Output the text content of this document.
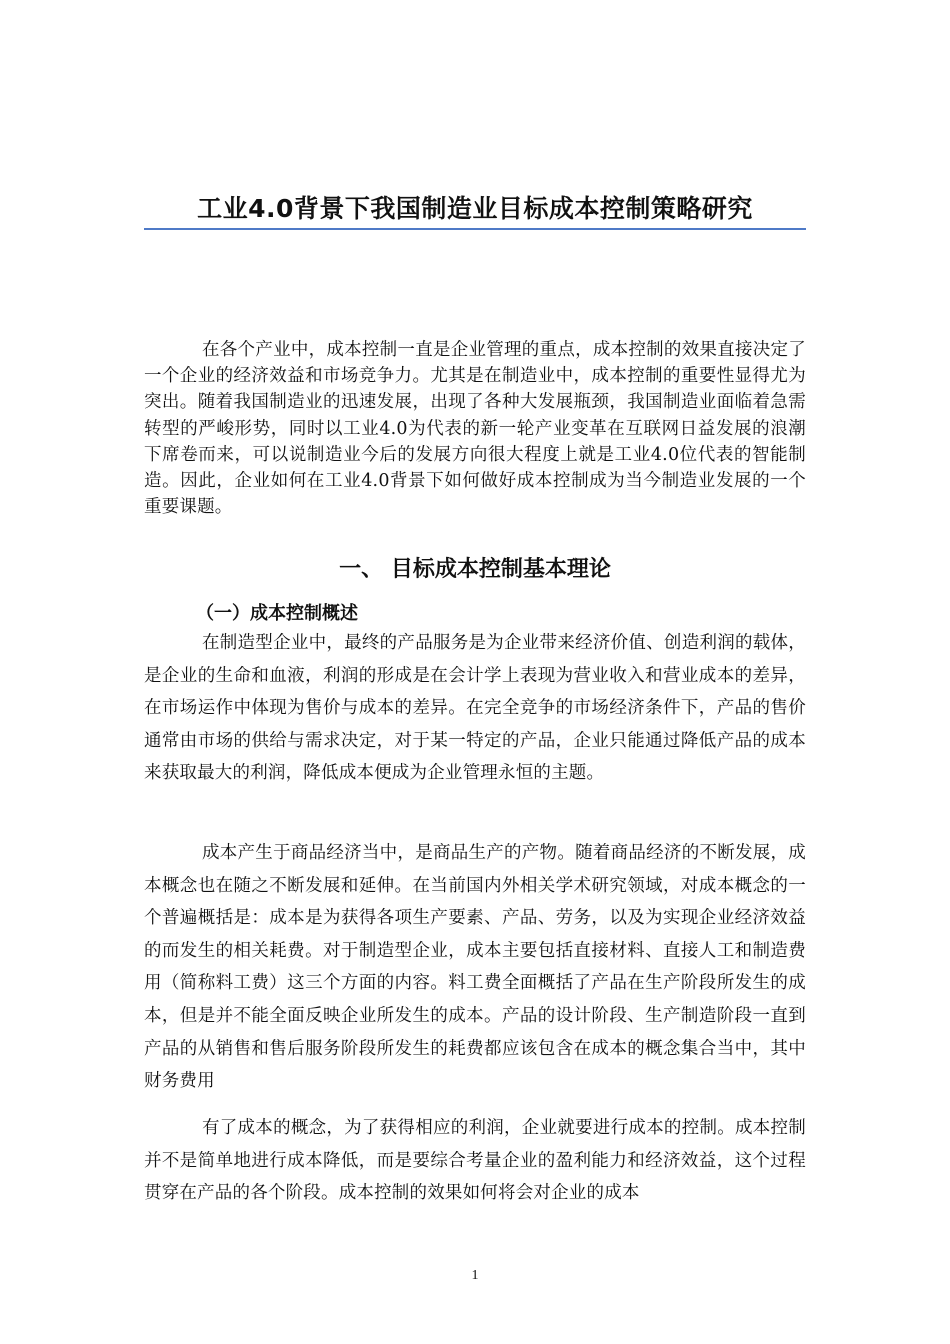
工业4.0背景下我国制造业目标成本控制策略研究
在各个产业中，成本控制一直是企业管理的重点，成本控制的效果直接决定了一个企业的经济效益和市场竞争力。尤其是在制造业中，成本控制的重要性显得尤为突出。随着我国制造业的迅速发展，出现了各种大发展瓶颈，我国制造业面临着急需转型的严峻形势，同时以工业4.0为代表的新一轮产业变革在互联网日益发展的浪潮下席卷而来，可以说制造业今后的发展方向很大程度上就是工业4.0位代表的智能制造。因此，企业如何在工业4.0背景下如何做好成本控制成为当今制造业发展的一个重要课题。
一、 目标成本控制基本理论
（一）成本控制概述
在制造型企业中，最终的产品服务是为企业带来经济价值、创造利润的载体，是企业的生命和血液，利润的形成是在会计学上表现为营业收入和营业成本的差异，在市场运作中体现为售价与成本的差异。在完全竞争的市场经济条件下，产品的售价通常由市场的供给与需求决定，对于某一特定的产品，企业只能通过降低产品的成本来获取最大的利润，降低成本便成为企业管理永恒的主题。
成本产生于商品经济当中，是商品生产的产物。随着商品经济的不断发展，成本概念也在随之不断发展和延伸。在当前国内外相关学术研究领域，对成本概念的一个普遍概括是：成本是为获得各项生产要素、产品、劳务，以及为实现企业经济效益的而发生的相关耗费。对于制造型企业，成本主要包括直接材料、直接人工和制造费用（简称料工费）这三个方面的内容。料工费全面概括了产品在生产阶段所发生的成本，但是并不能全面反映企业所发生的成本。产品的设计阶段、生产制造阶段一直到产品的从销售和售后服务阶段所发生的耗费都应该包含在成本的概念集合当中，其中财务费用
有了成本的概念，为了获得相应的利润，企业就要进行成本的控制。成本控制并不是简单地进行成本降低，而是要综合考量企业的盈利能力和经济效益，这个过程贯穿在产品的各个阶段。成本控制的效果如何将会对企业的成本
1
